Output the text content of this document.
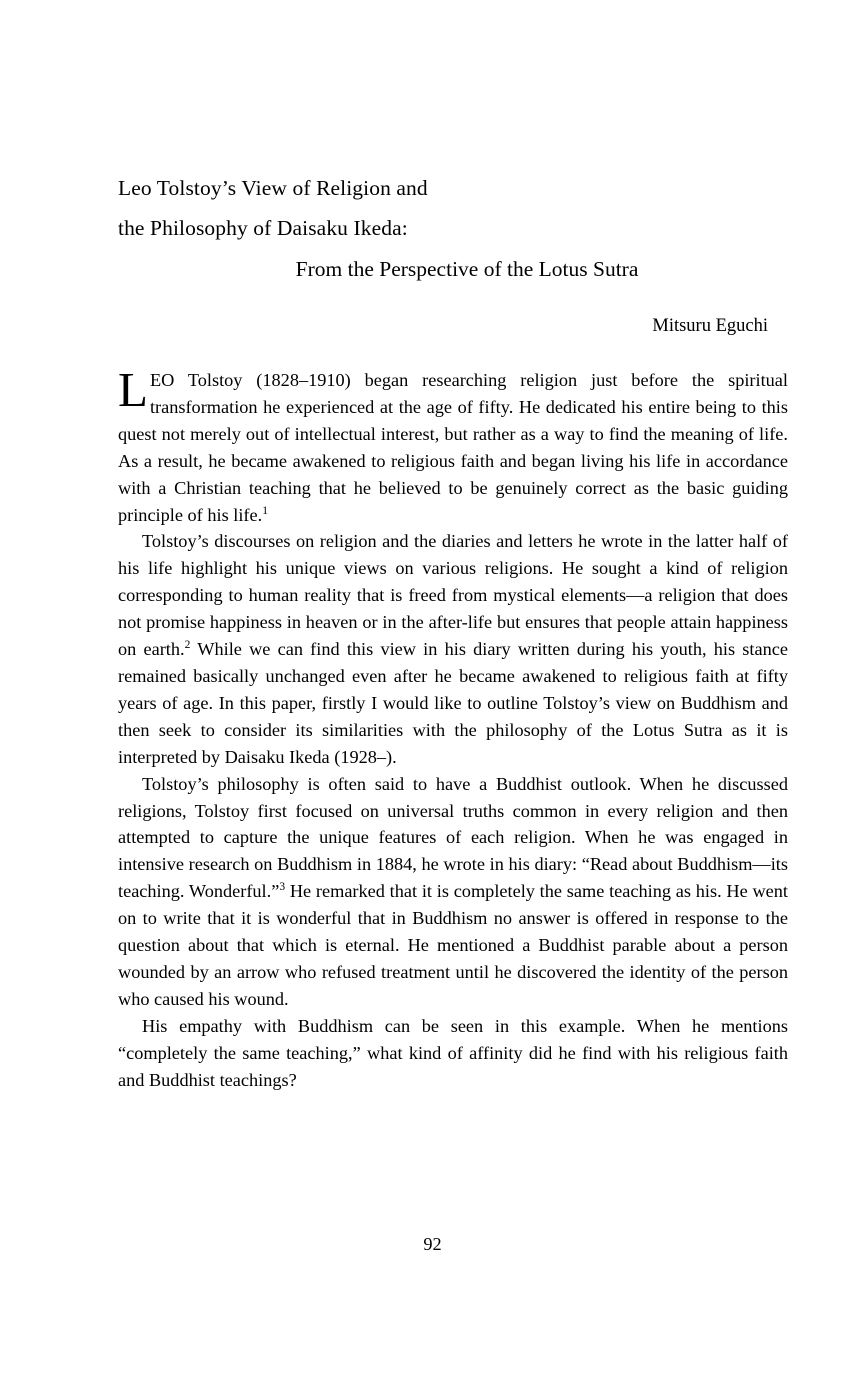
Leo Tolstoy’s View of Religion and
the Philosophy of Daisaku Ikeda:
From the Perspective of the Lotus Sutra
Mitsuru Eguchi

LEO Tolstoy (1828–1910) began researching religion just before the spiritual transformation he experienced at the age of fifty. He dedicated his entire being to this quest not merely out of intellectual interest, but rather as a way to find the meaning of life. As a result, he became awakened to religious faith and began living his life in accordance with a Christian teaching that he believed to be genuinely correct as the basic guiding principle of his life.$^1$

Tolstoy’s discourses on religion and the diaries and letters he wrote in the latter half of his life highlight his unique views on various religions. He sought a kind of religion corresponding to human reality that is freed from mystical elements—a religion that does not promise happiness in heaven or in the after-life but ensures that people attain happiness on earth.$^2$ While we can find this view in his diary written during his youth, his stance remained basically unchanged even after he became awakened to religious faith at fifty years of age. In this paper, firstly I would like to outline Tolstoy’s view on Buddhism and then seek to consider its similarities with the philosophy of the Lotus Sutra as it is interpreted by Daisaku Ikeda (1928–).

Tolstoy’s philosophy is often said to have a Buddhist outlook. When he discussed religions, Tolstoy first focused on universal truths common in every religion and then attempted to capture the unique features of each religion. When he was engaged in intensive research on Buddhism in 1884, he wrote in his diary: “Read about Buddhism—its teaching. Wonderful.”$^3$ He remarked that it is completely the same teaching as his. He went on to write that it is wonderful that in Buddhism no answer is offered in response to the question about that which is eternal. He mentioned a Buddhist parable about a person wounded by an arrow who refused treatment until he discovered the identity of the person who caused his wound.

His empathy with Buddhism can be seen in this example. When he mentions “completely the same teaching,” what kind of affinity did he find with his religious faith and Buddhist teachings?

92
